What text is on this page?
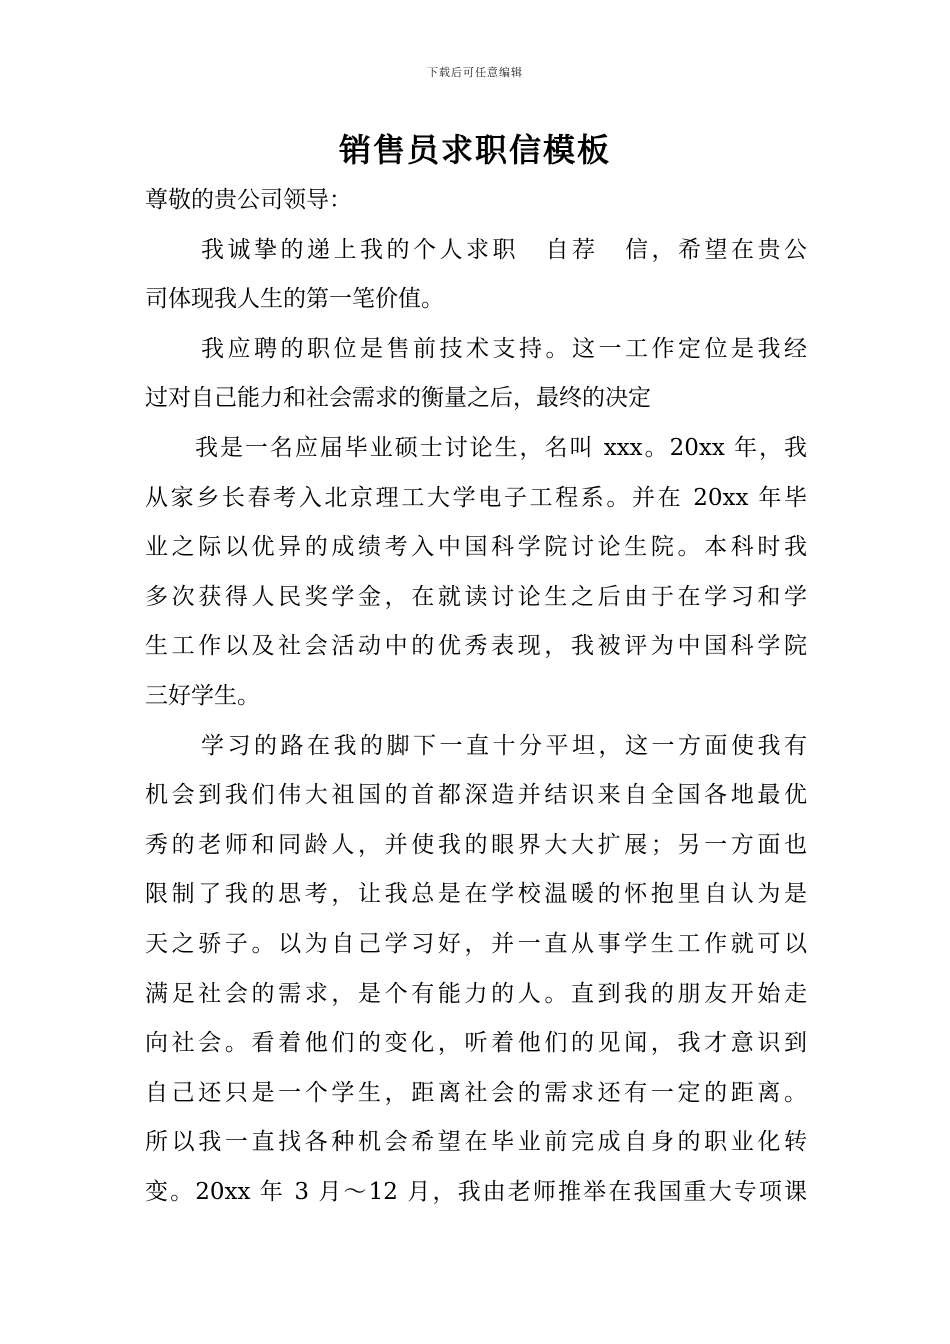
下载后可任意编辑
销售员求职信模板
尊敬的贵公司领导：
我诚挚的递上我的个人求职　自荐　信，希望在贵公
司体现我人生的第一笔价值。
我应聘的职位是售前技术支持。这一工作定位是我经
过对自己能力和社会需求的衡量之后，最终的决定
我是一名应届毕业硕士讨论生，名叫 xxx。20xx 年，我
从家乡长春考入北京理工大学电子工程系。并在 20xx 年毕
业之际以优异的成绩考入中国科学院讨论生院。本科时我
多次获得人民奖学金，在就读讨论生之后由于在学习和学
生工作以及社会活动中的优秀表现，我被评为中国科学院
三好学生。
学习的路在我的脚下一直十分平坦，这一方面使我有
机会到我们伟大祖国的首都深造并结识来自全国各地最优
秀的老师和同龄人，并使我的眼界大大扩展；另一方面也
限制了我的思考，让我总是在学校温暖的怀抱里自认为是
天之骄子。以为自己学习好，并一直从事学生工作就可以
满足社会的需求，是个有能力的人。直到我的朋友开始走
向社会。看着他们的变化，听着他们的见闻，我才意识到
自己还只是一个学生，距离社会的需求还有一定的距离。
所以我一直找各种机会希望在毕业前完成自身的职业化转
变。20xx 年 3 月～12 月，我由老师推举在我国重大专项课
